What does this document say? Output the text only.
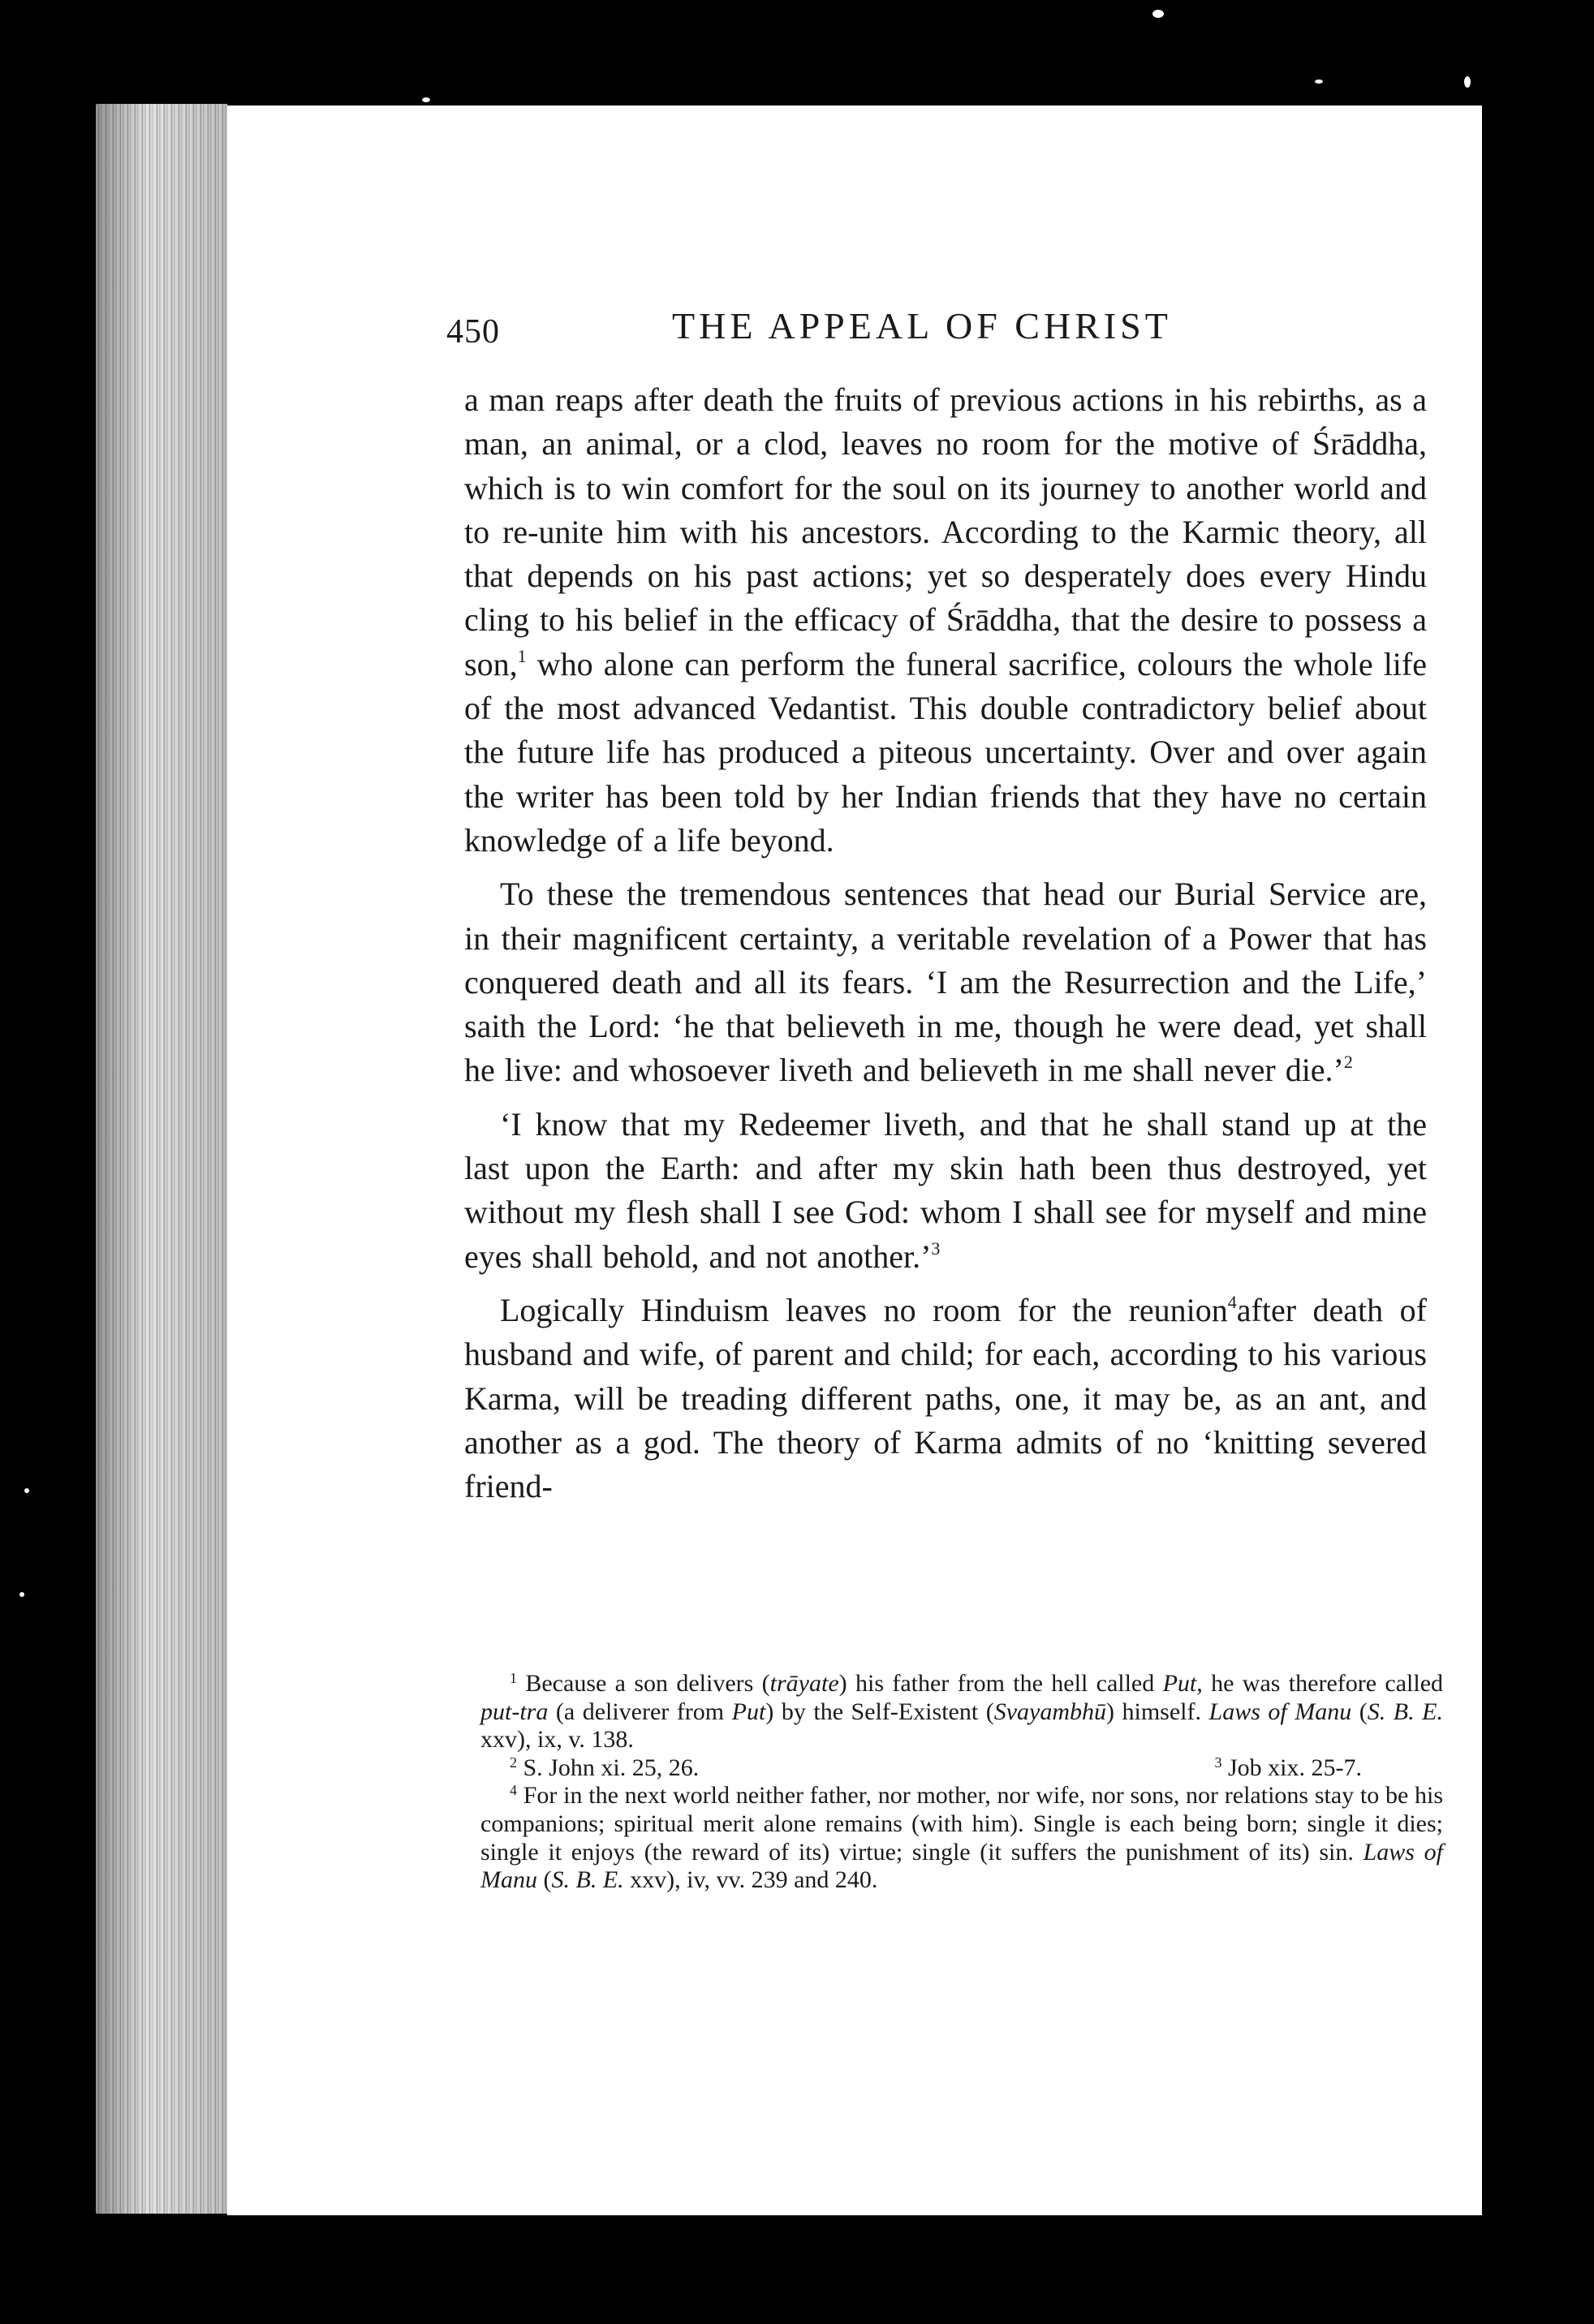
450	THE APPEAL OF CHRIST

a man reaps after death the fruits of previous actions in his rebirths, as a man, an animal, or a clod, leaves no room for the motive of Śrāddha, which is to win comfort for the soul on its journey to another world and to re-unite him with his ancestors. According to the Karmic theory, all that depends on his past actions; yet so desperately does every Hindu cling to his belief in the efficacy of Śrāddha, that the desire to possess a son,$^1$ who alone can perform the funeral sacrifice, colours the whole life of the most advanced Vedantist. This double contradictory belief about the future life has produced a piteous uncertainty. Over and over again the writer has been told by her Indian friends that they have no certain knowledge of a life beyond.

To these the tremendous sentences that head our Burial Service are, in their magnificent certainty, a veritable revelation of a Power that has conquered death and all its fears. ‘I am the Resurrection and the Life,’ saith the Lord: ‘he that believeth in me, though he were dead, yet shall he live: and whosoever liveth and believeth in me shall never die.’$^2$

‘I know that my Redeemer liveth, and that he shall stand up at the last upon the Earth: and after my skin hath been thus destroyed, yet without my flesh shall I see God: whom I shall see for myself and mine eyes shall behold, and not another.’$^3$

Logically Hinduism leaves no room for the reunion$^4$after death of husband and wife, of parent and child; for each, according to his various Karma, will be treading different paths, one, it may be, as an ant, and another as a god. The theory of Karma admits of no ‘knitting severed friend-

$^1$ Because a son delivers (trāyate) his father from the hell called Put, he was therefore called put-tra (a deliverer from Put) by the Self-Existent (Svayambhū) himself. Laws of Manu (S. B. E. xxv), ix, v. 138.

$^2$ S. John xi. 25, 26.	$^3$ Job xix. 25-7.

$^4$ For in the next world neither father, nor mother, nor wife, nor sons, nor relations stay to be his companions; spiritual merit alone remains (with him). Single is each being born; single it dies; single it enjoys (the reward of its) virtue; single (it suffers the punishment of its) sin. Laws of Manu (S. B. E. xxv), iv, vv. 239 and 240.
